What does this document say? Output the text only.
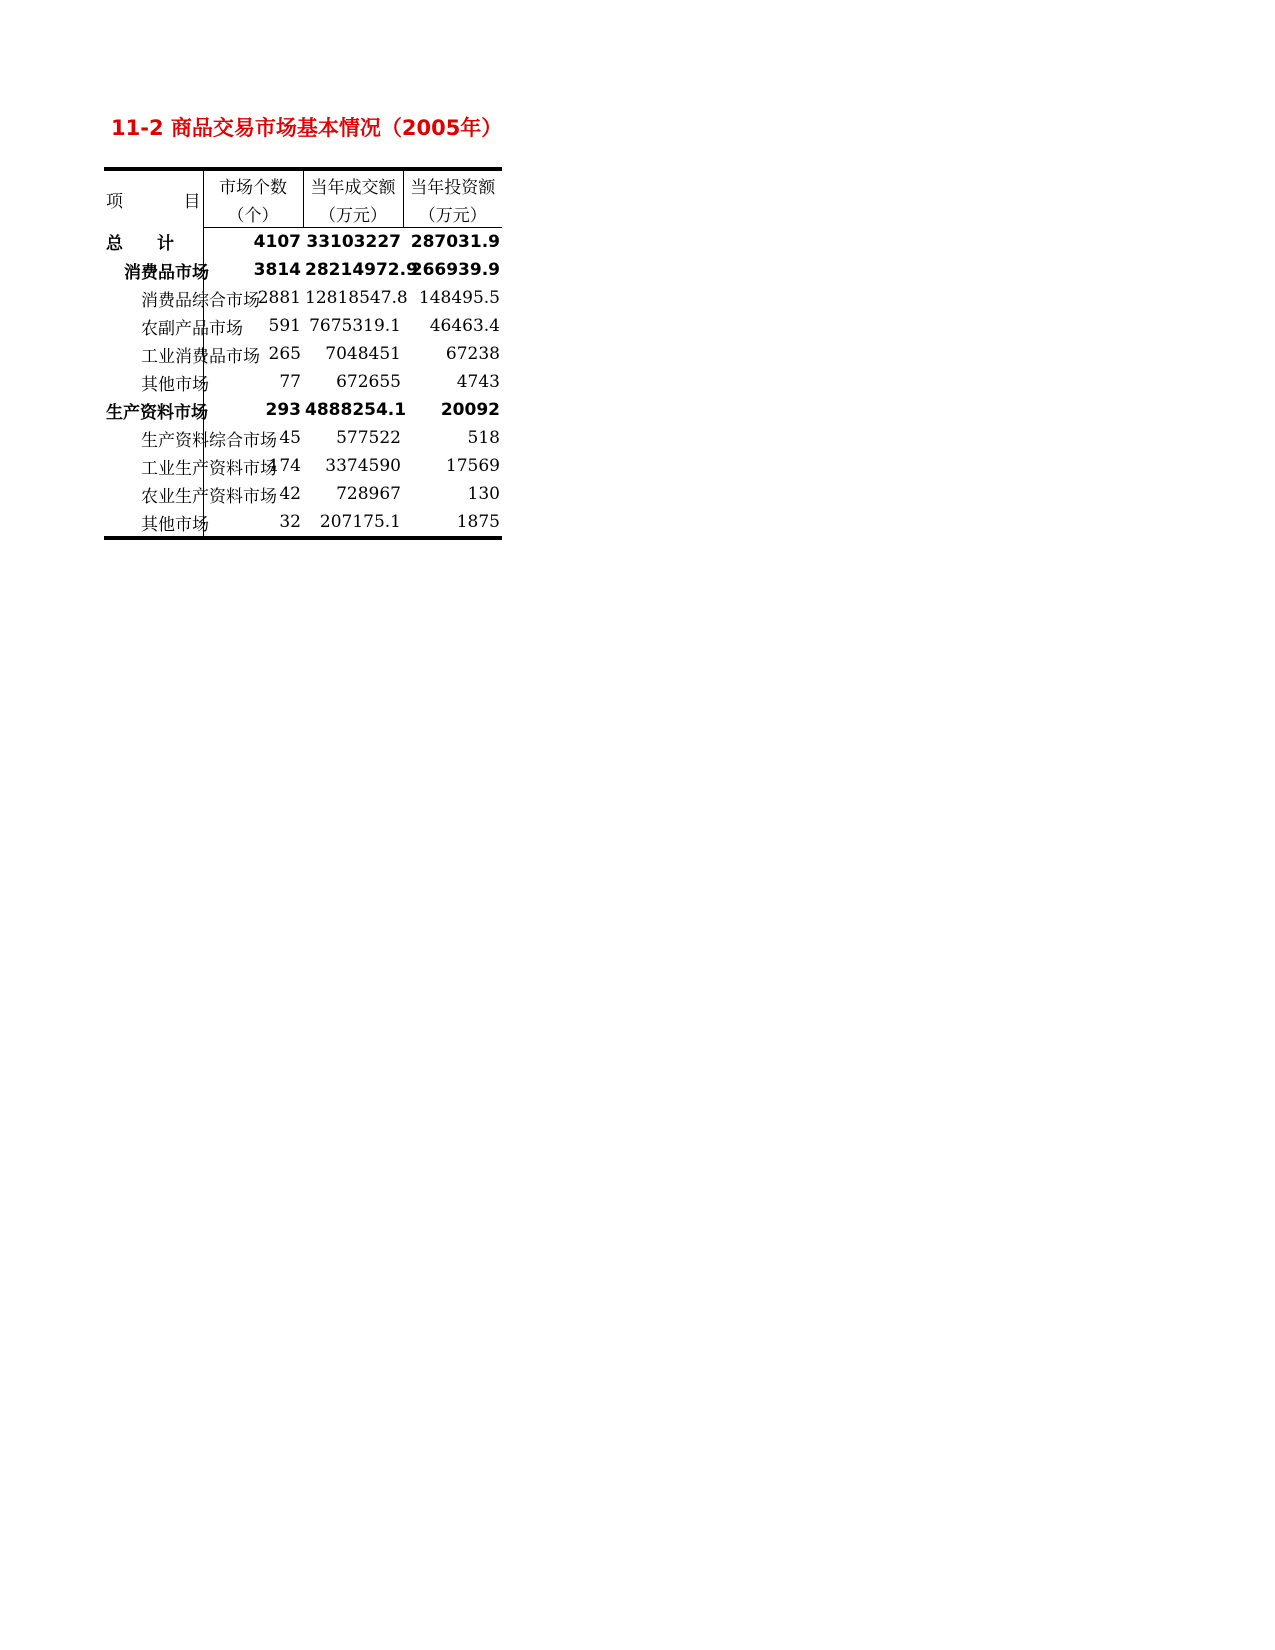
11-2 商品交易市场基本情况（2005年）
项 目	市场个数	当年成交额	当年投资额
	（个）	（万元）	（万元）
总　　计	4107	33103227	287031.9
消费品市场	3814	28214972.9	266939.9
消费品综合市场	2881	12818547.8	148495.5
农副产品市场	591	7675319.1	46463.4
工业消费品市场	265	7048451	67238
其他市场	77	672655	4743
生产资料市场	293	4888254.1	20092
生产资料综合市场	45	577522	518
工业生产资料市场	174	3374590	17569
农业生产资料市场	42	728967	130
其他市场	32	207175.1	1875
